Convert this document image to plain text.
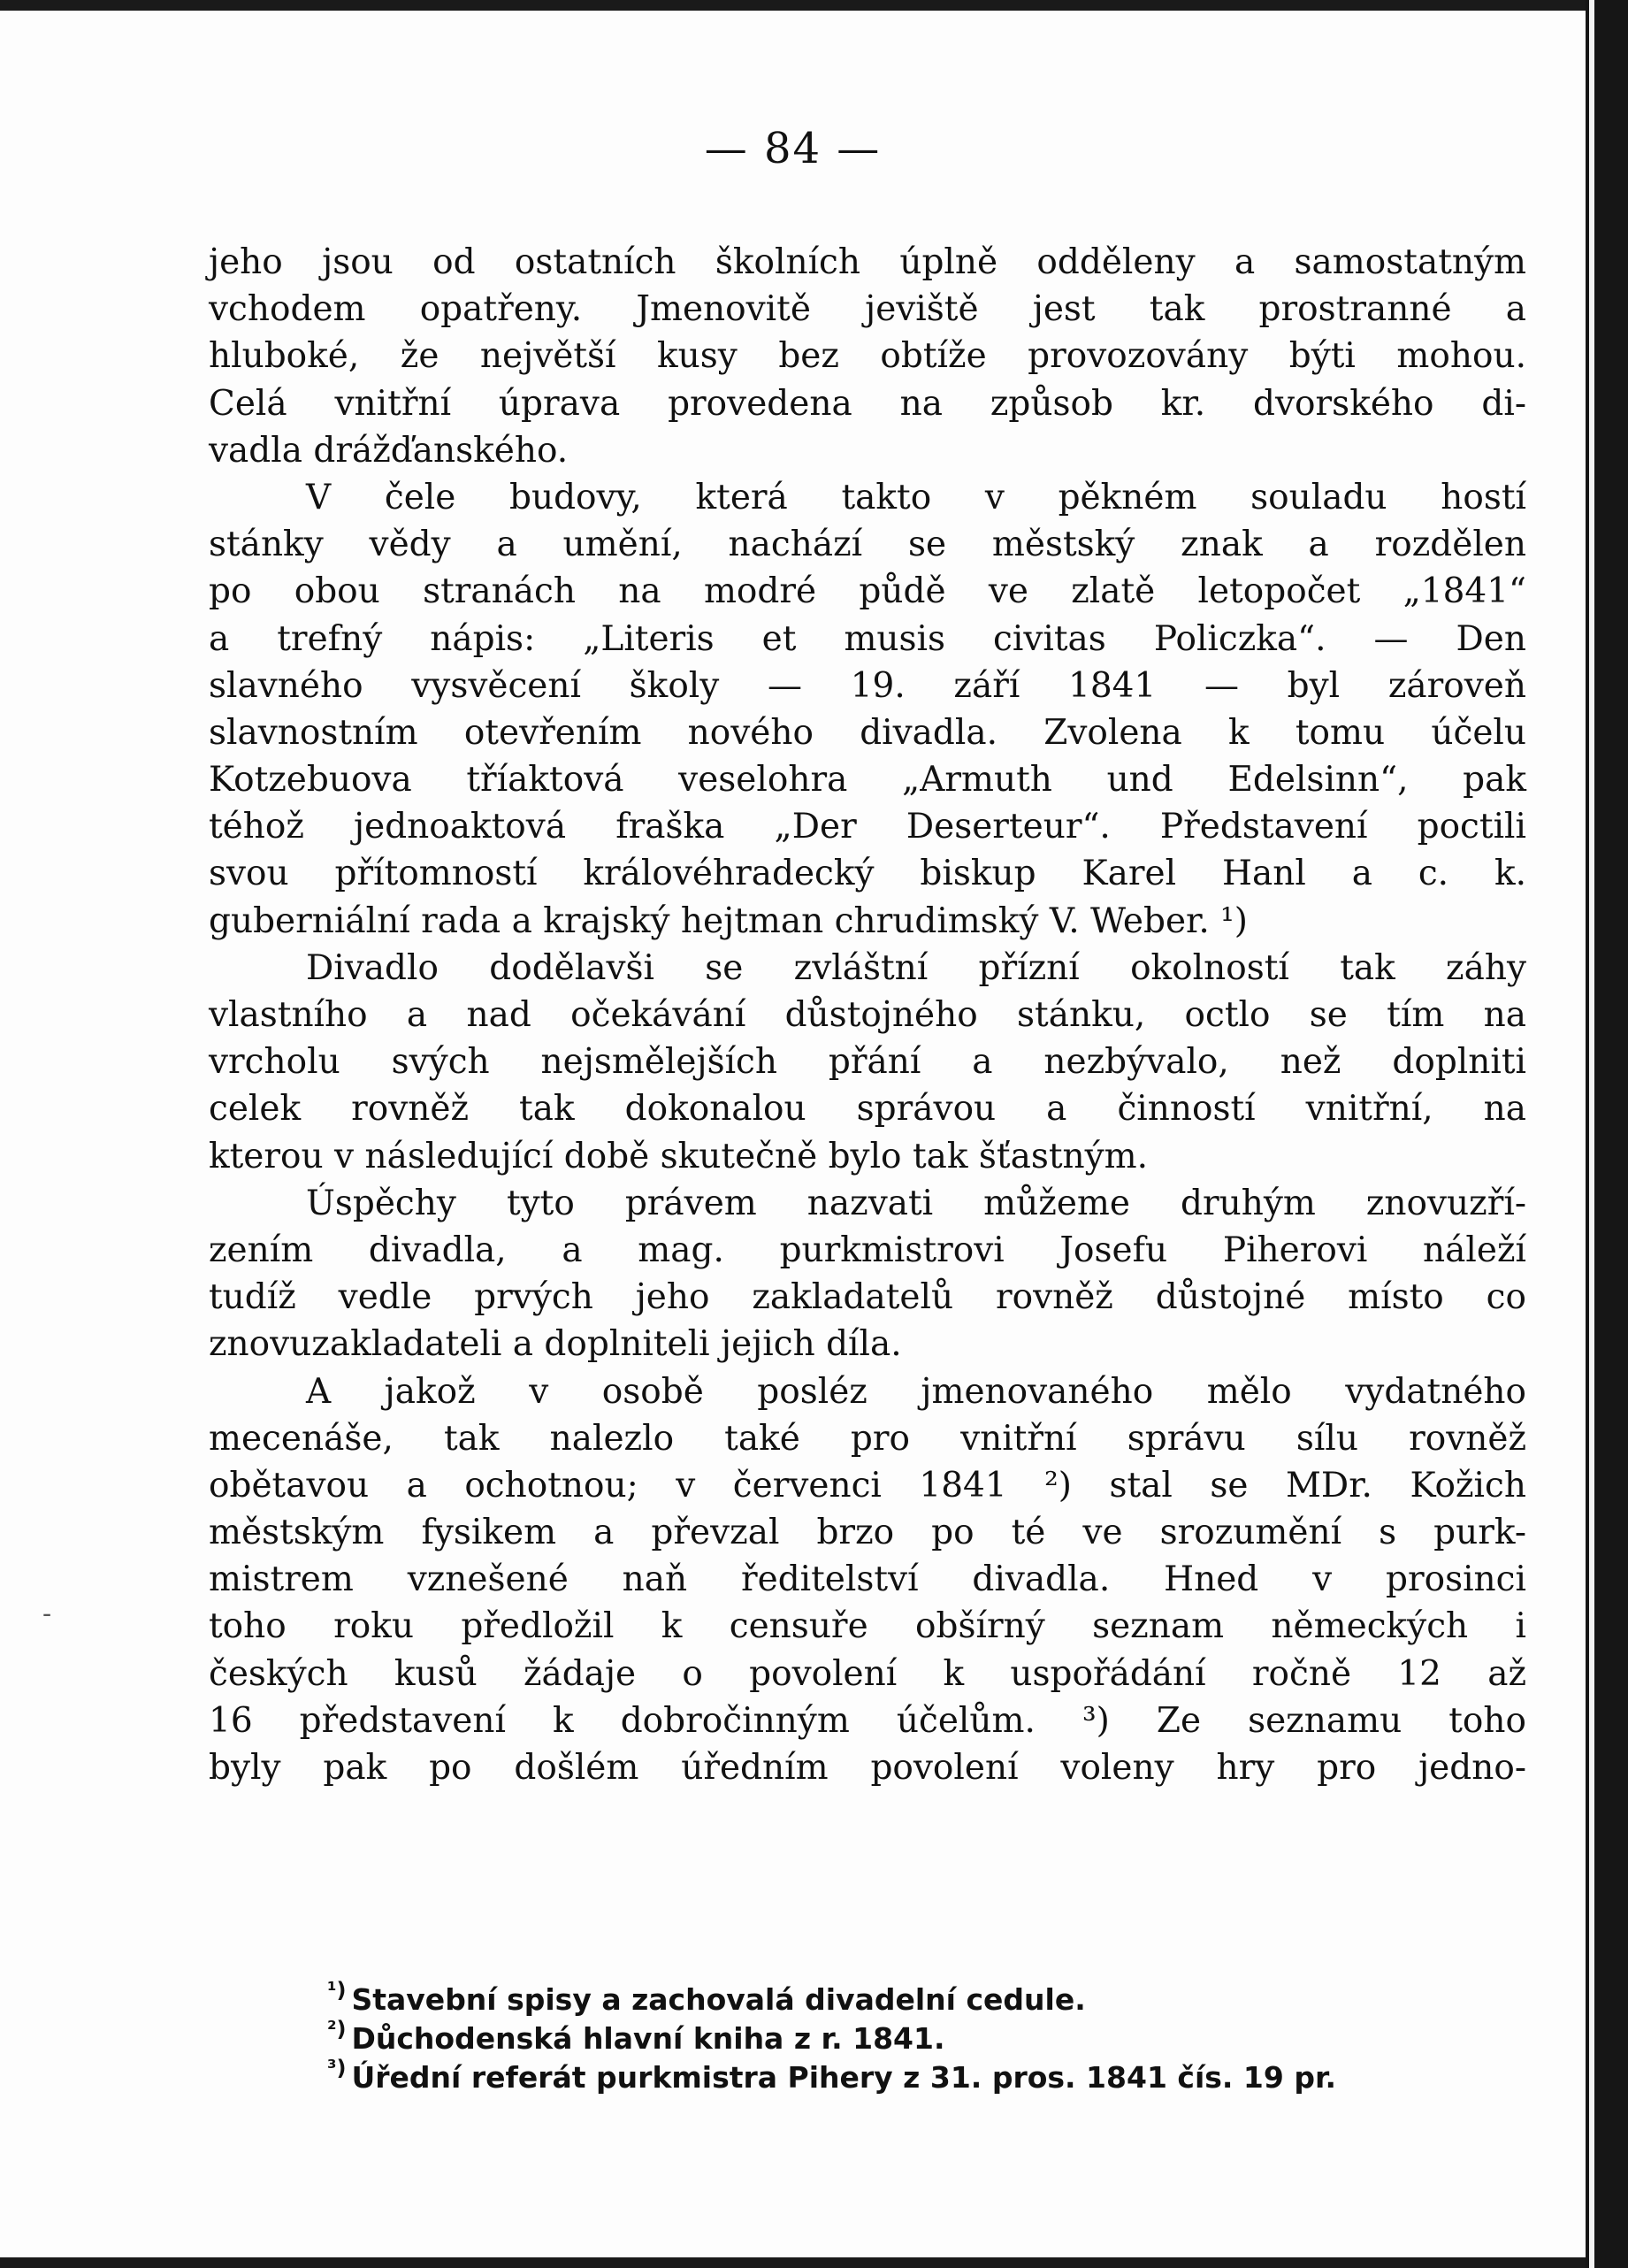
— 84 —
-
jeho jsou od ostatních školních úplně odděleny a samostatným
vchodem opatřeny. Jmenovitě jeviště jest tak prostranné a
hluboké, že největší kusy bez obtíže provozovány býti mohou.
Celá vnitřní úprava provedena na způsob kr. dvorského di-
vadla drážďanského.
V čele budovy, která takto v pěkném souladu hostí
stánky vědy a umění, nachází se městský znak a rozdělen
po obou stranách na modré půdě ve zlatě letopočet „1841“
a trefný nápis: „Literis et musis civitas Policzka“. — Den
slavného vysvěcení školy — 19. září 1841 — byl zároveň
slavnostním otevřením nového divadla. Zvolena k tomu účelu
Kotzebuova tříaktová veselohra „Armuth und Edelsinn“, pak
téhož jednoaktová fraška „Der Deserteur“. Představení poctili
svou přítomností královéhradecký biskup Karel Hanl a c. k.
guberniální rada a krajský hejtman chrudimský V. Weber. ¹)
Divadlo dodělavši se zvláštní přízní okolností tak záhy
vlastního a nad očekávání důstojného stánku, octlo se tím na
vrcholu svých nejsmělejších přání a nezbývalo, než doplniti
celek rovněž tak dokonalou správou a činností vnitřní, na
kterou v následující době skutečně bylo tak šťastným.
Úspěchy tyto právem nazvati můžeme druhým znovuzří-
zením divadla, a mag. purkmistrovi Josefu Piherovi náleží
tudíž vedle prvých jeho zakladatelů rovněž důstojné místo co
znovuzakladateli a doplniteli jejich díla.
A jakož v osobě posléz jmenovaného mělo vydatného
mecenáše, tak nalezlo také pro vnitřní správu sílu rovněž
obětavou a ochotnou; v červenci 1841 ²) stal se MDr. Kožich
městským fysikem a převzal brzo po té ve srozumění s purk-
mistrem vznešené naň ředitelství divadla. Hned v prosinci
toho roku předložil k censuře obšírný seznam německých i
českých kusů žádaje o povolení k uspořádání ročně 12 až
16 představení k dobročinným účelům. ³) Ze seznamu toho
byly pak po došlém úředním povolení voleny hry pro jedno-
$^{^1)}$ Stavební spisy a zachovalá divadelní cedule.
$^{^2)}$ Důchodenská hlavní kniha z r. 1841.
$^{^3)}$ Úřední referát purkmistra Pihery z 31. pros. 1841 čís. 19 pr.
